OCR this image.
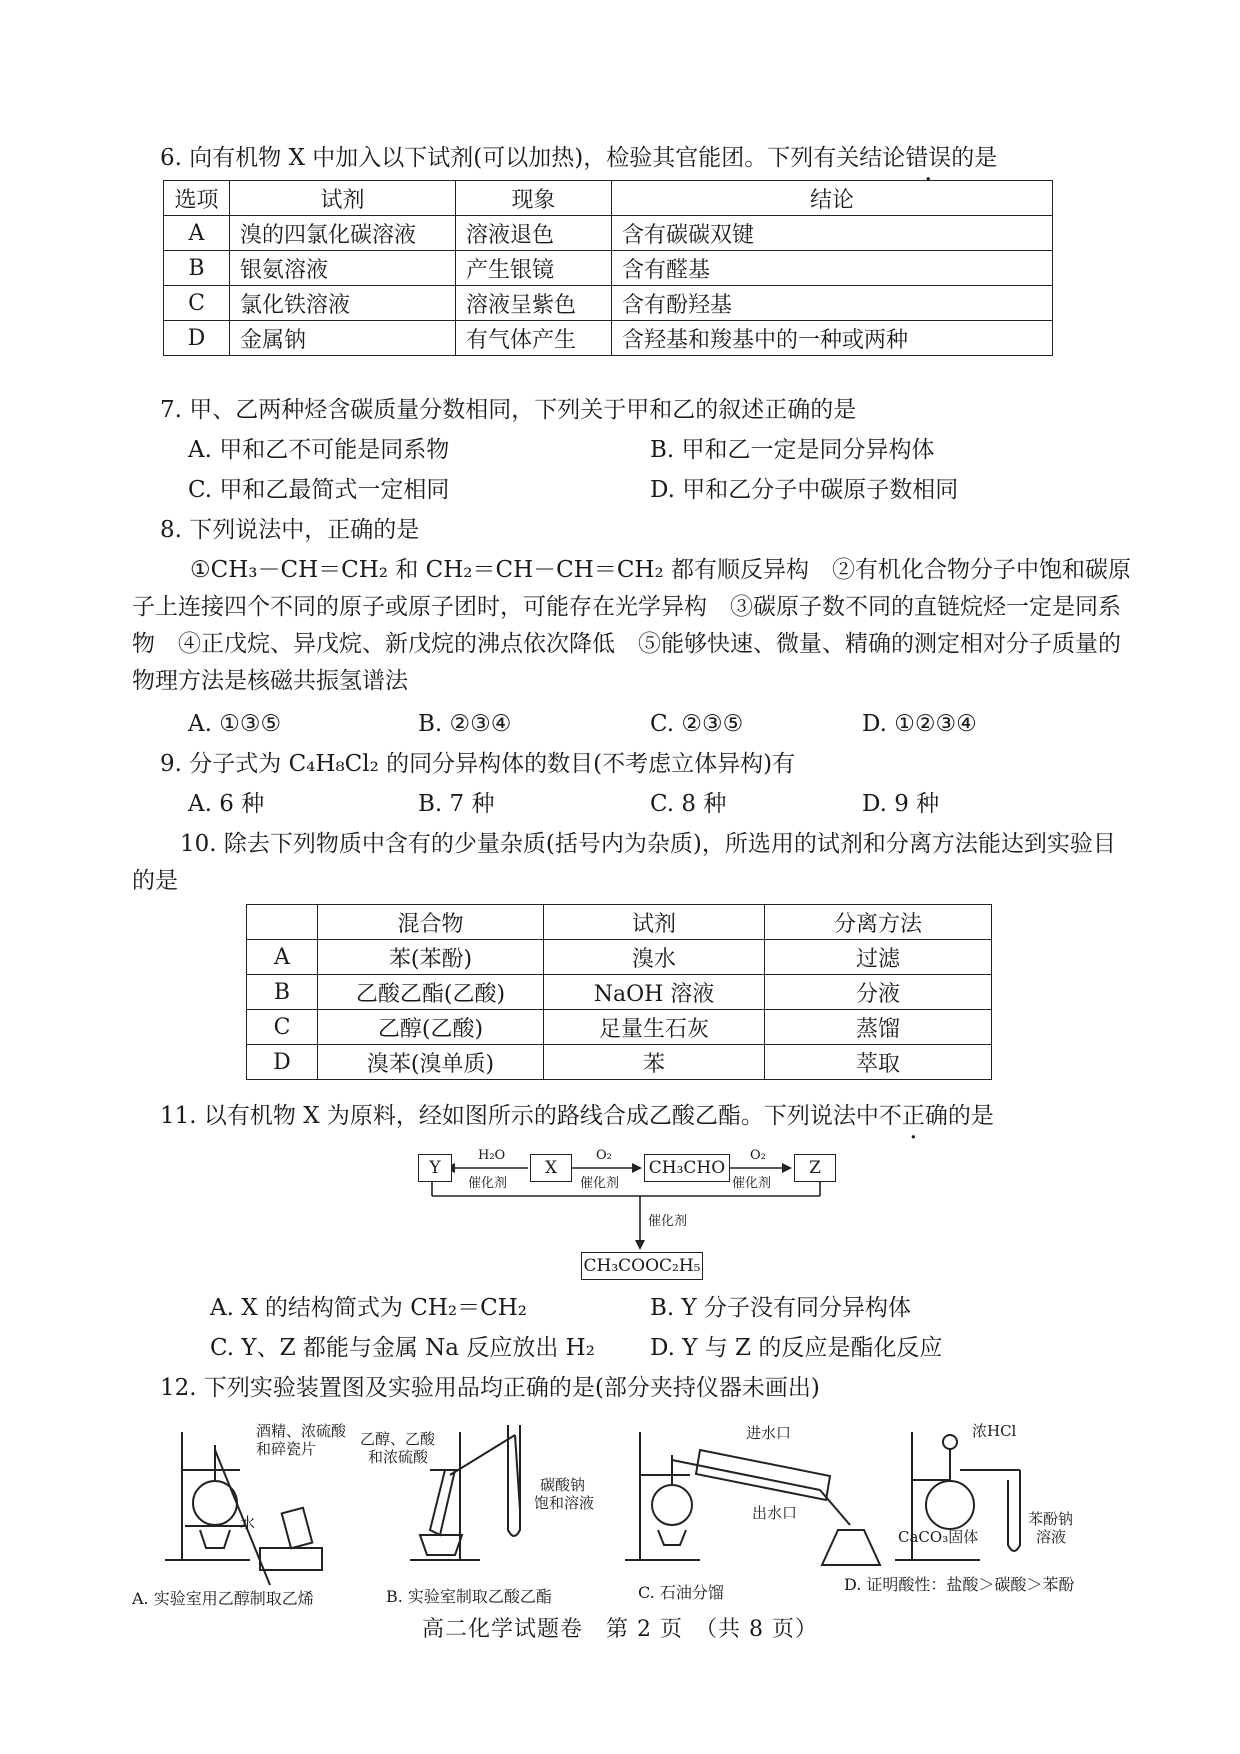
6. 向有机物 X 中加入以下试剂(可以加热)，检验其官能团。下列有关结论错误的是
选项	试剂	现象	结论
A	溴的四氯化碳溶液	溶液退色	含有碳碳双键
B	银氨溶液	产生银镜	含有醛基
C	氯化铁溶液	溶液呈紫色	含有酚羟基
D	金属钠	有气体产生	含羟基和羧基中的一种或两种
7. 甲、乙两种烃含碳质量分数相同，下列关于甲和乙的叙述正确的是
A. 甲和乙不可能是同系物	B. 甲和乙一定是同分异构体
C. 甲和乙最简式一定相同	D. 甲和乙分子中碳原子数相同
8. 下列说法中，正确的是
①CH₃－CH＝CH₂ 和 CH₂＝CH－CH＝CH₂ 都有顺反异构　②有机化合物分子中饱和碳原子上连接四个不同的原子或原子团时，可能存在光学异构　③碳原子数不同的直链烷烃一定是同系物　④正戊烷、异戊烷、新戊烷的沸点依次降低　⑤能够快速、微量、精确的测定相对分子质量的物理方法是核磁共振氢谱法
A. ①③⑤	B. ②③④	C. ②③⑤	D. ①②③④
9. 分子式为 C₄H₈Cl₂ 的同分异构体的数目(不考虑立体异构)有
A. 6 种	B. 7 种	C. 8 种	D. 9 种
10. 除去下列物质中含有的少量杂质(括号内为杂质)，所选用的试剂和分离方法能达到实验目的是
	混合物	试剂	分离方法
A	苯(苯酚)	溴水	过滤
B	乙酸乙酯(乙酸)	NaOH 溶液	分液
C	乙醇(乙酸)	足量生石灰	蒸馏
D	溴苯(溴单质)	苯	萃取
11. 以有机物 X 为原料，经如图所示的路线合成乙酸乙酯。下列说法中不正确的是
Y	X	CH₃CHO	Z
CH₃COOC₂H₅
H₂O
催化剂
O₂
催化剂
O₂
催化剂
催化剂
A. X 的结构简式为 CH₂＝CH₂	B. Y 分子没有同分异构体
C. Y、Z 都能与金属 Na 反应放出 H₂ D. Y 与 Z 的反应是酯化反应
12. 下列实验装置图及实验用品均正确的是(部分夹持仪器未画出)
酒精、浓硫酸
和碎瓷片
水
乙醇、乙酸
和浓硫酸
碳酸钠
饱和溶液
进水口
出水口
浓HCl
CaCO₃固体
苯酚钠
溶液
A. 实验室用乙醇制取乙烯	B. 实验室制取乙酸乙酯	C. 石油分馏	D. 证明酸性：盐酸＞碳酸＞苯酚
高二化学试题卷　第 2 页　（共 8 页）
